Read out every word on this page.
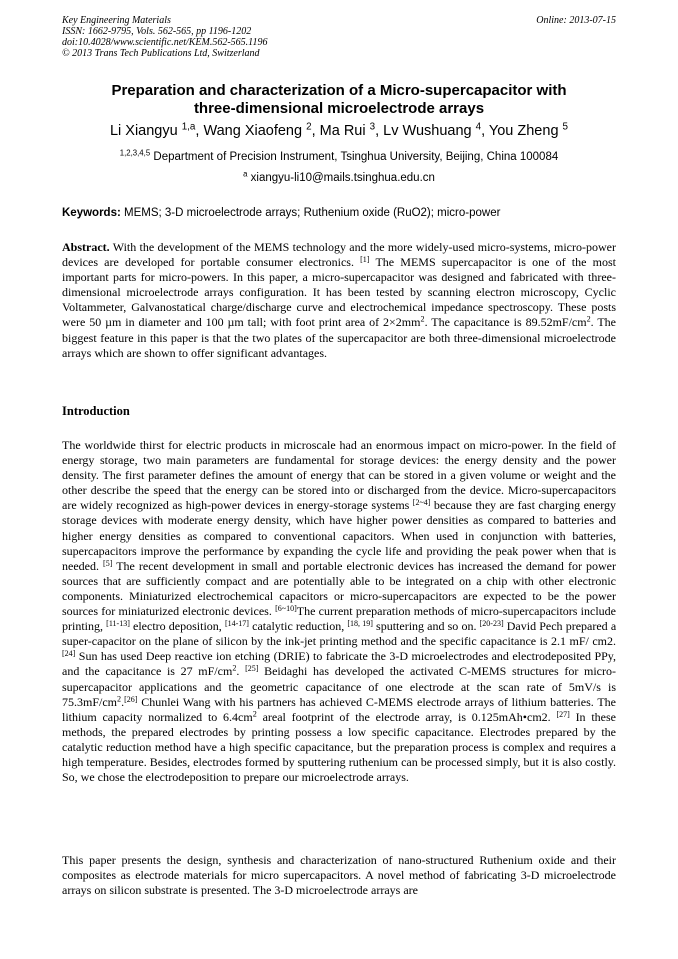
Key Engineering Materials
ISSN: 1662-9795, Vols. 562-565, pp 1196-1202
doi:10.4028/www.scientific.net/KEM.562-565.1196
© 2013 Trans Tech Publications Ltd, Switzerland
Online: 2013-07-15
Preparation and characterization of a Micro-supercapacitor with
three-dimensional microelectrode arrays
Li Xiangyu $^{1,a}$, Wang Xiaofeng $^2$, Ma Rui $^3$, Lv Wushuang $^4$, You Zheng $^5$
$^{1,2,3,4,5}$ Department of Precision Instrument, Tsinghua University, Beijing, China 100084
$^a$ xiangyu-li10@mails.tsinghua.edu.cn
Keywords: MEMS; 3-D microelectrode arrays; Ruthenium oxide (RuO2); micro-power
Abstract. With the development of the MEMS technology and the more widely-used micro-systems, micro-power devices are developed for portable consumer electronics. [1] The MEMS supercapacitor is one of the most important parts for micro-powers. In this paper, a micro-supercapacitor was designed and fabricated with three-dimensional microelectrode arrays configuration. It has been tested by scanning electron microscopy, Cyclic Voltammeter, Galvanostatical charge/discharge curve and electrochemical impedance spectroscopy. These posts were 50 µm in diameter and 100 µm tall; with foot print area of $2\times 2mm^2$. The capacitance is $89.52mF/cm^2$. The biggest feature in this paper is that the two plates of the supercapacitor are both three-dimensional microelectrode arrays which are shown to offer significant advantages.
Introduction
The worldwide thirst for electric products in microscale had an enormous impact on micro-power. In the field of energy storage, two main parameters are fundamental for storage devices: the energy density and the power density. The first parameter defines the amount of energy that can be stored in a given volume or weight and the other describe the speed that the energy can be stored into or discharged from the device. Micro-supercapacitors are widely recognized as high-power devices in energy-storage systems [2~4] because they are fast charging energy storage devices with moderate energy density, which have higher power densities as compared to batteries and higher energy densities as compared to conventional capacitors. When used in conjunction with batteries, supercapacitors improve the performance by expanding the cycle life and providing the peak power when that is needed. [5] The recent development in small and portable electronic devices has increased the demand for power sources that are sufficiently compact and are potentially able to be integrated on a chip with other electronic components. Miniaturized electrochemical capacitors or micro-supercapacitors are expected to be the power sources for miniaturized electronic devices. [6~10]The current preparation methods of micro-supercapacitors include printing, [11-13] electro deposition, [14-17] catalytic reduction, [18, 19] sputtering and so on. [20-23] David Pech prepared a super-capacitor on the plane of silicon by the ink-jet printing method and the specific capacitance is 2.1 mF/ cm2. [24] Sun has used Deep reactive ion etching (DRIE) to fabricate the 3-D microelectrodes and electrodeposited PPy, and the capacitance is 27 $mF/cm^2$. [25] Beidaghi has developed the activated C-MEMS structures for micro-supercapacitor applications and the geometric capacitance of one electrode at the scan rate of 5mV/s is $75.3mF/cm^2.[26]$ Chunlei Wang with his partners has achieved C-MEMS electrode arrays of lithium batteries. The lithium capacity normalized to $6.4cm^2$ areal footprint of the electrode array, is 0.125mAh•cm2. [27] In these methods, the prepared electrodes by printing possess a low specific capacitance. Electrodes prepared by the catalytic reduction method have a high specific capacitance, but the preparation process is complex and requires a high temperature. Besides, electrodes formed by sputtering ruthenium can be processed simply, but it is also costly. So, we chose the electrodeposition to prepare our microelectrode arrays.
This paper presents the design, synthesis and characterization of nano-structured Ruthenium oxide and their composites as electrode materials for micro supercapacitors. A novel method of fabricating 3-D microelectrode arrays on silicon substrate is presented. The 3-D microelectrode arrays are
